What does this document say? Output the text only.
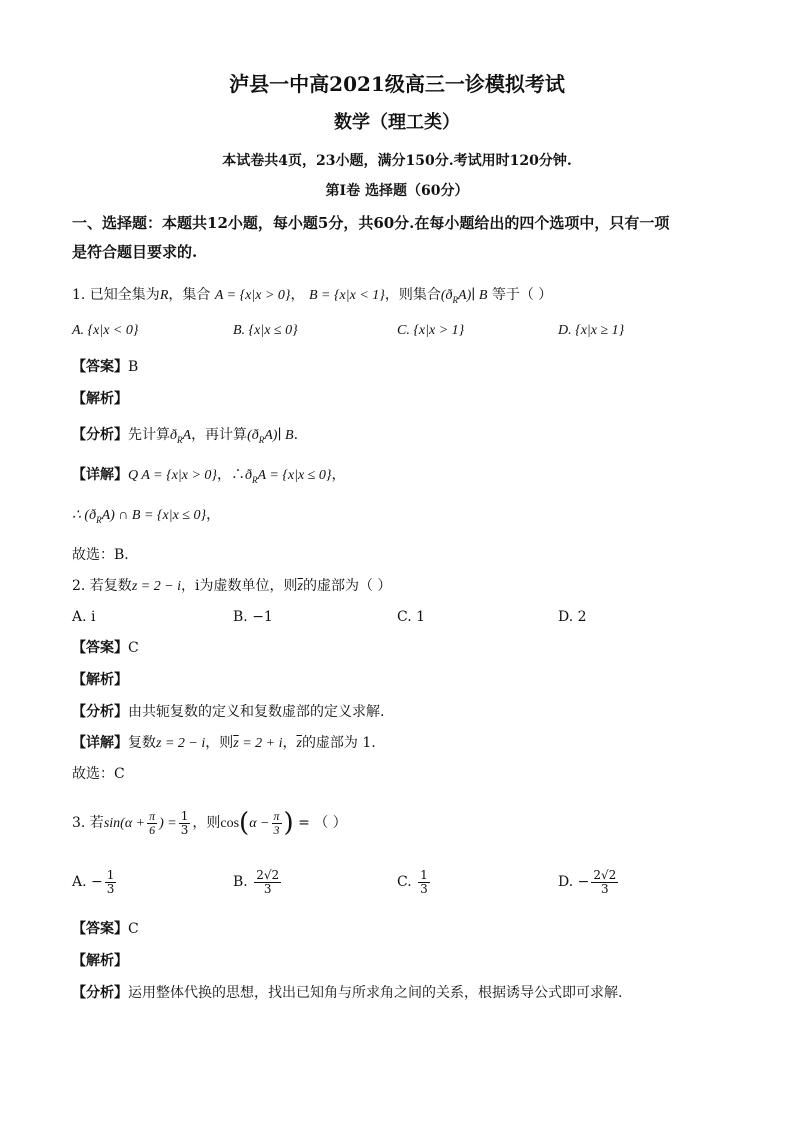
泸县一中高2021级高三一诊模拟考试
数学（理工类）
本试卷共4页，23小题，满分150分.考试用时120分钟.
第I卷 选择题（60分）
一、选择题：本题共12小题，每小题5分，共60分.在每小题给出的四个选项中，只有一项
是符合题目要求的.
1. 已知全集为R，集合 A = {x|x > 0}， B = {x|x < 1}，则集合$(ð_RA)∣$ B 等于（ ）
A. {x|x < 0}	B. {x|x ≤ 0}	C. {x|x > 1}	D. {x|x ≥ 1}
【答案】B
【解析】
【分析】先计算$ð_RA$，再计算$(ð_RA)∣$ B.
【详解】Q A = {x|x > 0}，$\therefore ð_RA = \{x|x \le 0\}$，
∴ $(ð_RA)$ ∩ B = {x|x ≤ 0}，
故选：B.
2. 若复数z = 2 − i，i为虚数单位，则$\overline{z}$的虚部为（ ）
A. i	B. −1	C. 1	D. 2
【答案】C
【解析】
【分析】由共轭复数的定义和复数虚部的定义求解.
【详解】复数z = 2 − i，则$\overline{z} = 2 + i$，$\overline{z}$的虚部为 1.
故选：C
3. 若$\sin(\alpha + \frac{\pi}{6}$ ) = $\frac{1}{3}$ ，则$\cos(\alpha - \frac{\pi}{3}$ ) = （ ）
A. − $\frac{1}{3}$	B. $\frac{2√2}{3}$	C. $\frac{1}{3}$	D. − $\frac{2√2}{3}$
【答案】C
【解析】
【分析】运用整体代换的思想，找出已知角与所求角之间的关系，根据诱导公式即可求解.
